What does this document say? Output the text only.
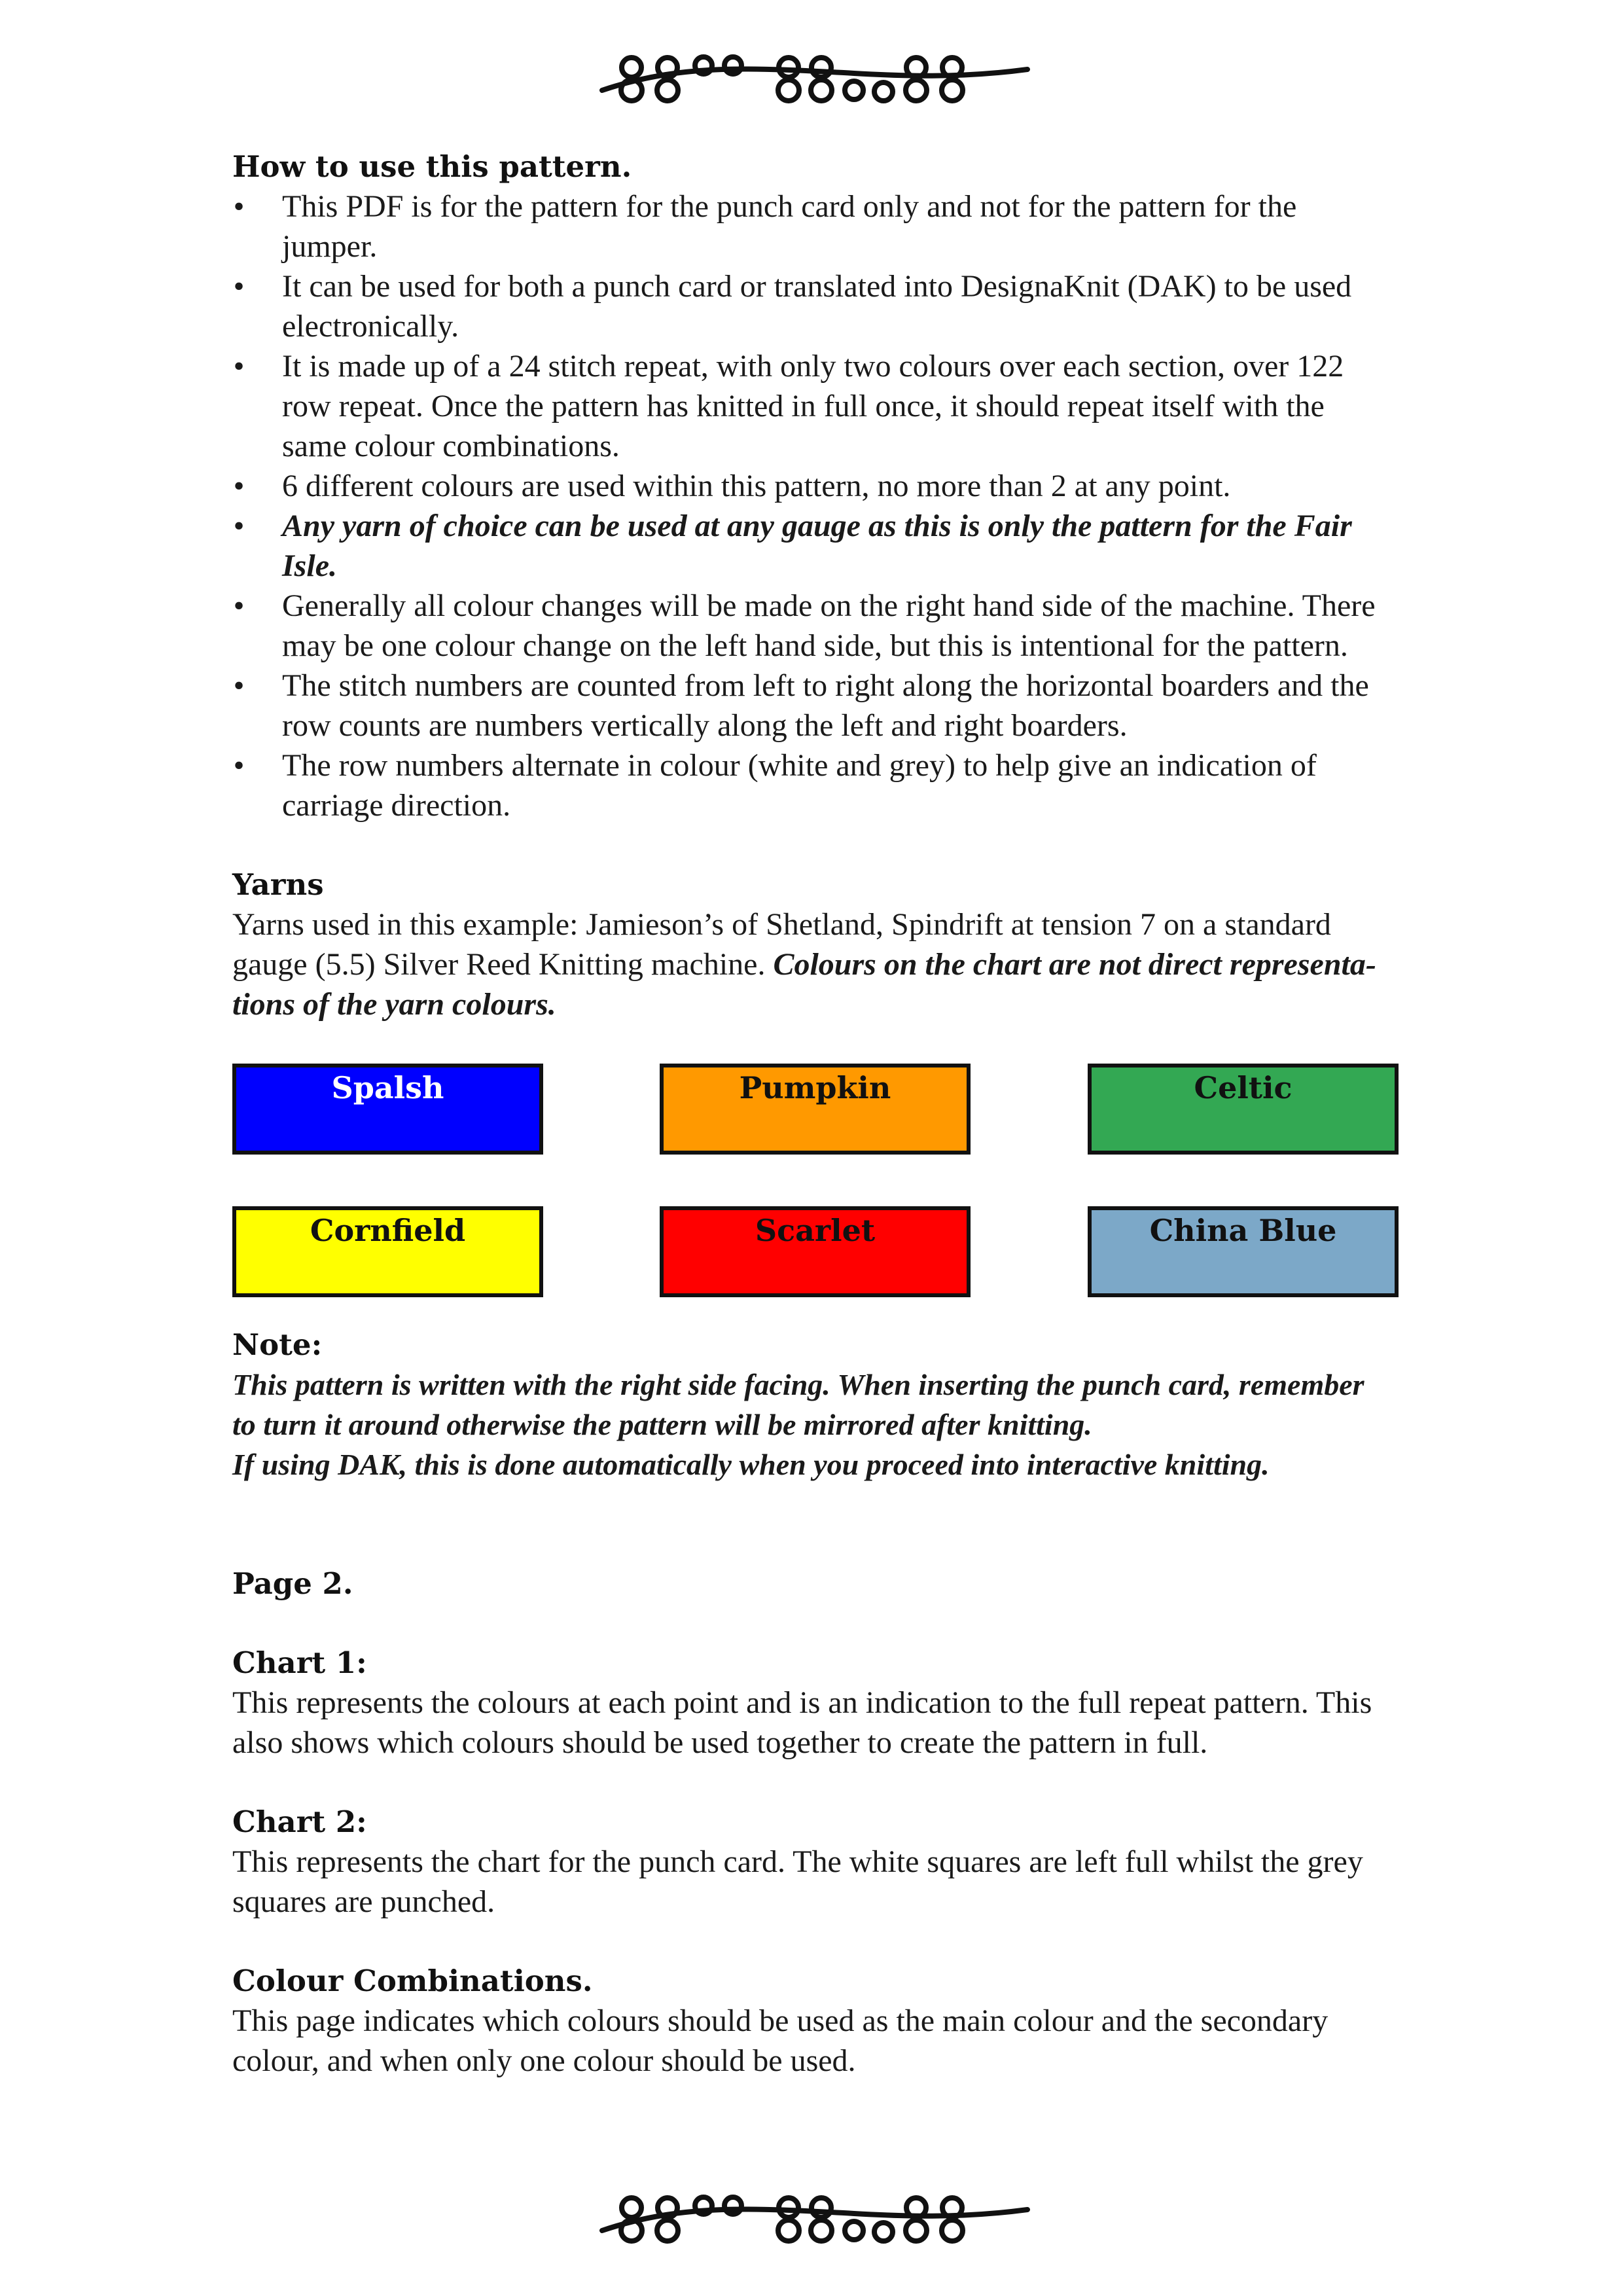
How to use this pattern.
• This PDF is for the pattern for the punch card only and not for the pattern for the jumper.
• It can be used for both a punch card or translated into DesignaKnit (DAK) to be used electronically.
• It is made up of a 24 stitch repeat, with only two colours over each section, over 122 row repeat. Once the pattern has knitted in full once, it should repeat itself with the same colour combinations.
• 6 different colours are used within this pattern, no more than 2 at any point.
• Any yarn of choice can be used at any gauge as this is only the pattern for the Fair Isle.
• Generally all colour changes will be made on the right hand side of the machine. There may be one colour change on the left hand side, but this is intentional for the pattern.
• The stitch numbers are counted from left to right along the horizontal boarders and the row counts are numbers vertically along the left and right boarders.
• The row numbers alternate in colour (white and grey) to help give an indication of carriage direction.
Yarns

Yarns used in this example: Jamieson’s of Shetland, Spindrift at tension 7 on a standard gauge (5.5) Silver Reed Knitting machine. Colours on the chart are not direct representa-tions of the yarn colours.

Spalsh	Pumpkin	Celtic
Cornfield	Scarlet	China Blue
Note:

This pattern is written with the right side facing. When inserting the punch card, remember to turn it around otherwise the pattern will be mirrored after knitting.

If using DAK, this is done automatically when you proceed into interactive knitting.

Page 2.
Chart 1:

This represents the colours at each point and is an indication to the full repeat pattern. This also shows which colours should be used together to create the pattern in full.

Chart 2:

This represents the chart for the punch card. The white squares are left full whilst the grey squares are punched.

Colour Combinations.

This page indicates which colours should be used as the main colour and the secondary colour, and when only one colour should be used.
